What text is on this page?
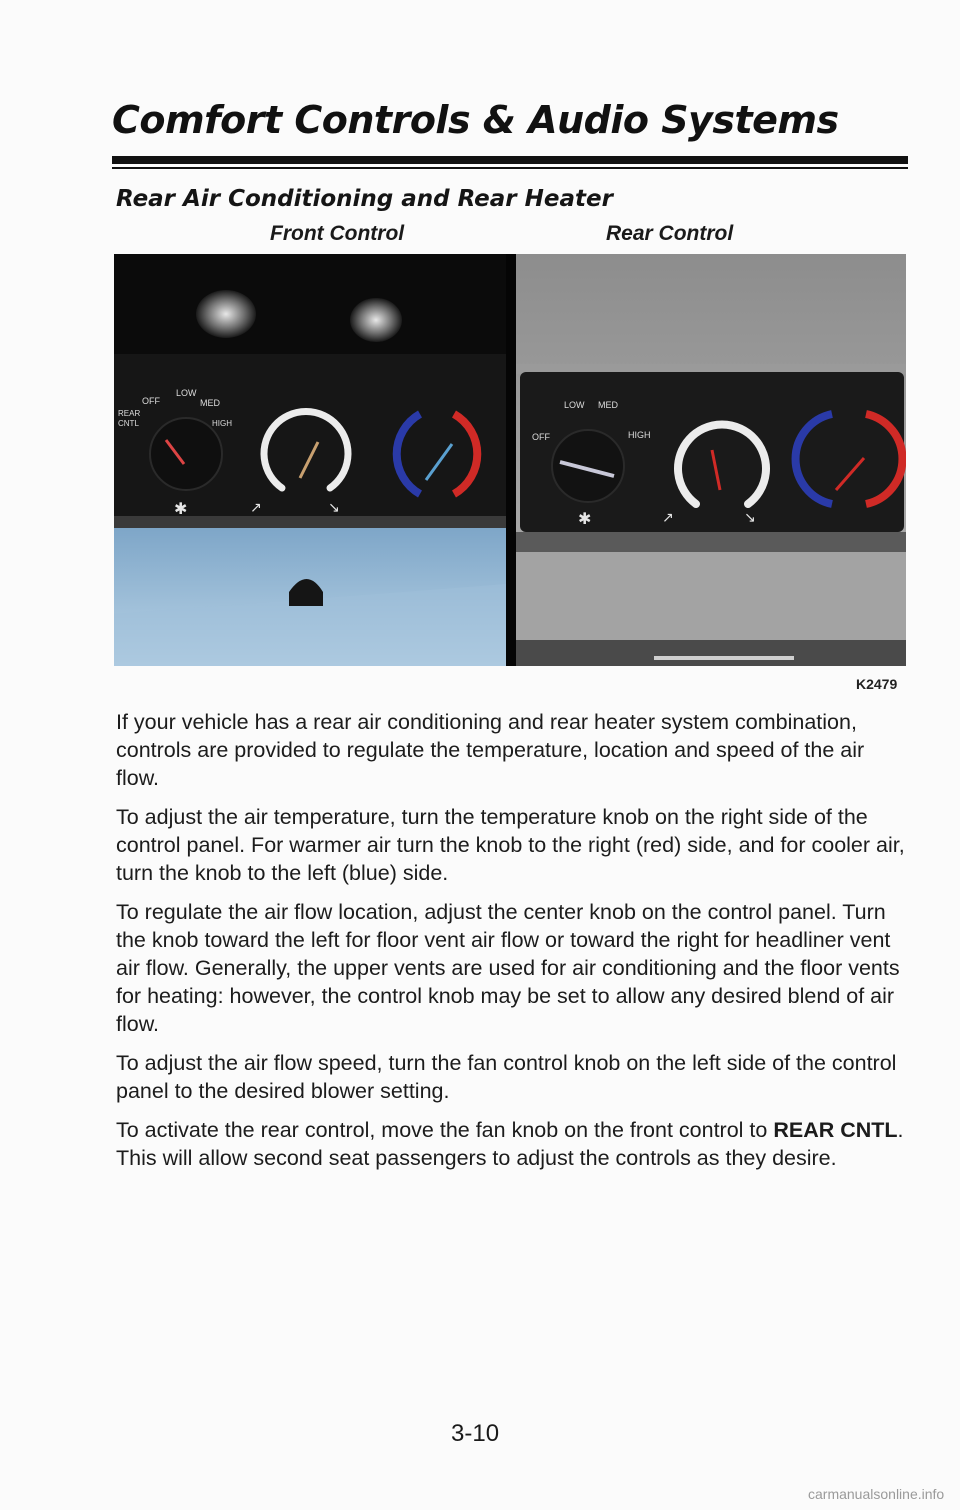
Comfort Controls & Audio Systems
Rear Air Conditioning and Rear Heater
Front Control	Rear Control
OFF
LOW
MED
HIGH
REAR
CNTL
✱	↗	↘
LOW MED
OFF	HIGH
✱	↗	↘
K2479

If your vehicle has a rear air conditioning and rear heater system combination, controls are provided to regulate the temperature, location and speed of the air flow.

To adjust the air temperature, turn the temperature knob on the right side of the control panel. For warmer air turn the knob to the right (red) side, and for cooler air, turn the knob to the left (blue) side.

To regulate the air flow location, adjust the center knob on the control panel. Turn the knob toward the left for floor vent air flow or toward the right for headliner vent air flow. Generally, the upper vents are used for air conditioning and the floor vents for heating: however, the control knob may be set to allow any desired blend of air flow.

To adjust the air flow speed, turn the fan control knob on the left side of the control panel to the desired blower setting.

To activate the rear control, move the fan knob on the front control to REAR CNTL. This will allow second seat passengers to adjust the controls as they desire.

3-10
carmanualsonline.info
